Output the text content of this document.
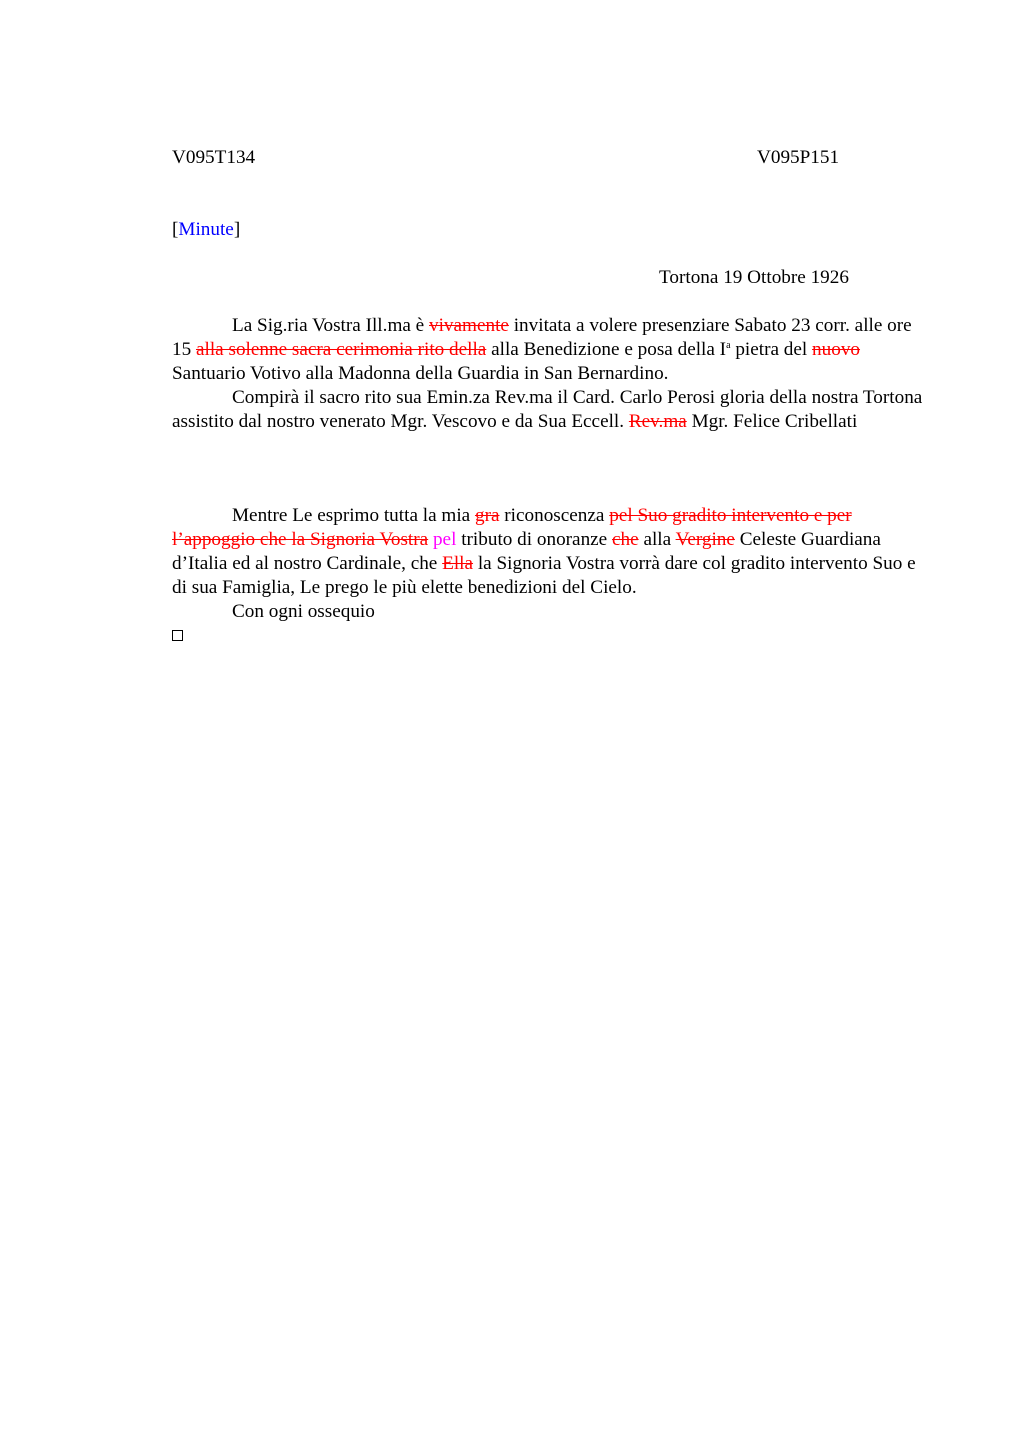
V095T134	V095P151
[Minute]
Tortona 19 Ottobre 1926

La Sig.ria Vostra Ill.ma è vivamente invitata a volere presenziare Sabato 23 corr. alle ore 15 alla solenne sacra cerimonia rito della alla Benedizione e posa della $I^a$ pietra del nuovo Santuario Votivo alla Madonna della Guardia in San Bernardino.

Compirà il sacro rito sua Emin.za Rev.ma il Card. Carlo Perosi gloria della nostra Tortona assistito dal nostro venerato Mgr. Vescovo e da Sua Eccell. Rev.ma Mgr. Felice Cribellati

Mentre Le esprimo tutta la mia gra riconoscenza pel Suo gradito intervento e per l’appoggio che la Signoria Vostra pel tributo di onoranze che alla Vergine Celeste Guardiana d’Italia ed al nostro Cardinale, che Ella la Signoria Vostra vorrà dare col gradito intervento Suo e di sua Famiglia, Le prego le più elette benedizioni del Cielo.

Con ogni ossequio
